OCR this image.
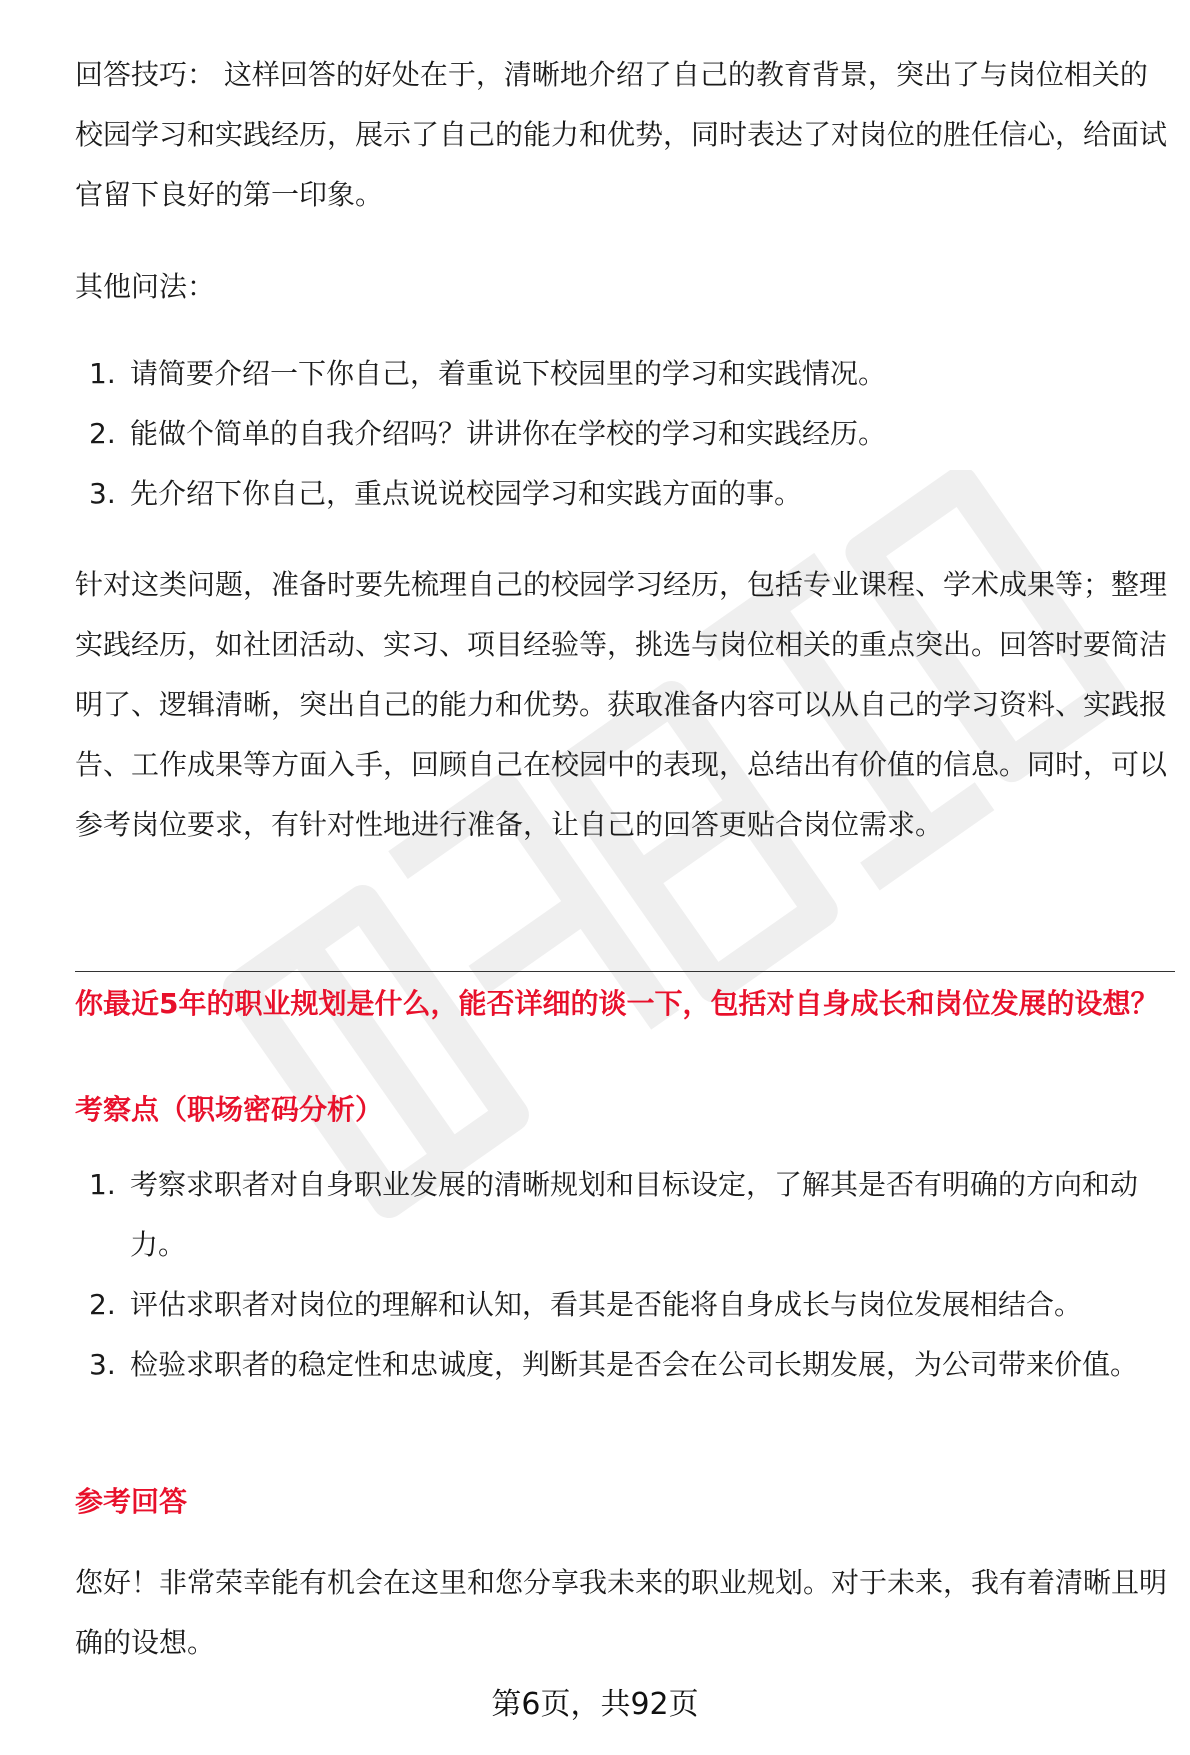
回答技巧： 这样回答的好处在于，清晰地介绍了自己的教育背景，突出了与岗位相关的校园学习和实践经历，展示了自己的能力和优势，同时表达了对岗位的胜任信心，给面试官留下良好的第一印象。

其他问法：

1. 请简要介绍一下你自己，着重说下校园里的学习和实践情况。
2. 能做个简单的自我介绍吗？讲讲你在学校的学习和实践经历。
3. 先介绍下你自己，重点说说校园学习和实践方面的事。

针对这类问题，准备时要先梳理自己的校园学习经历，包括专业课程、学术成果等；整理实践经历，如社团活动、实习、项目经验等，挑选与岗位相关的重点突出。回答时要简洁明了、逻辑清晰，突出自己的能力和优势。获取准备内容可以从自己的学习资料、实践报告、工作成果等方面入手，回顾自己在校园中的表现，总结出有价值的信息。同时，可以参考岗位要求，有针对性地进行准备，让自己的回答更贴合岗位需求。

你最近5年的职业规划是什么，能否详细的谈一下，包括对自身成长和岗位发展的设想？
考察点（职场密码分析）
1. 考察求职者对自身职业发展的清晰规划和目标设定，了解其是否有明确的方向和动力。
2. 评估求职者对岗位的理解和认知，看其是否能将自身成长与岗位发展相结合。
3. 检验求职者的稳定性和忠诚度，判断其是否会在公司长期发展，为公司带来价值。
参考回答

您好！非常荣幸能有机会在这里和您分享我未来的职业规划。对于未来，我有着清晰且明确的设想。

第6页，共92页
